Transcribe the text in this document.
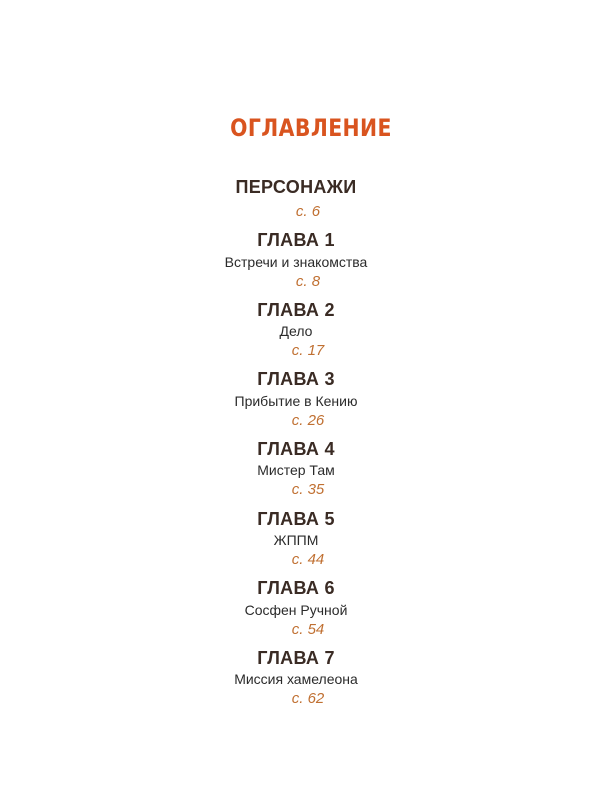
ОГЛАВЛЕНИЕ
ПЕРСОНАЖИ
с. 6
ГЛАВА 1
Встречи и знакомства
с. 8
ГЛАВА 2
Дело
с. 17
ГЛАВА 3
Прибытие в Кению
с. 26
ГЛАВА 4
Мистер Там
с. 35
ГЛАВА 5
ЖППМ
с. 44
ГЛАВА 6
Сосфен Ручной
с. 54
ГЛАВА 7
Миссия хамелеона
с. 62
